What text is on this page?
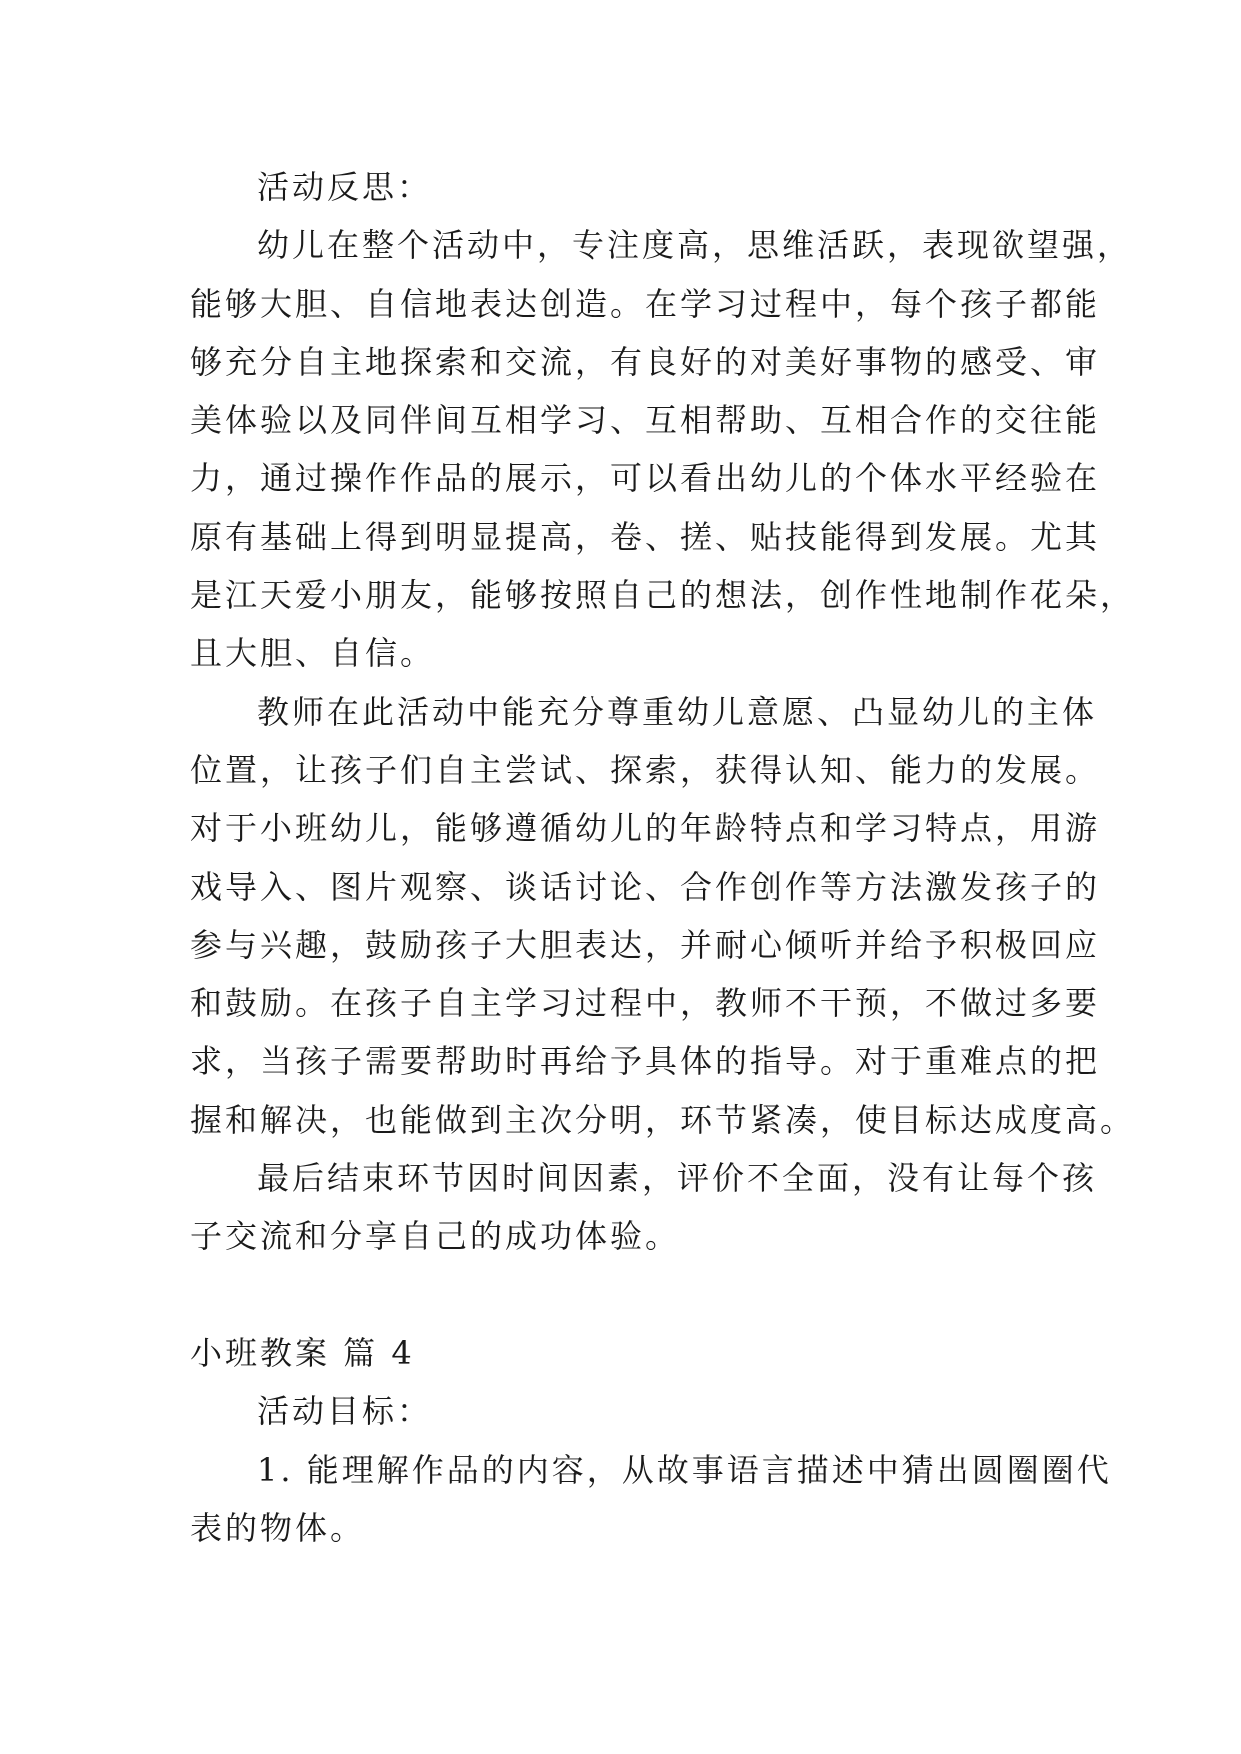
活动反思：
幼儿在整个活动中，专注度高，思维活跃，表现欲望强，
能够大胆、自信地表达创造。在学习过程中，每个孩子都能
够充分自主地探索和交流，有良好的对美好事物的感受、审
美体验以及同伴间互相学习、互相帮助、互相合作的交往能
力，通过操作作品的展示，可以看出幼儿的个体水平经验在
原有基础上得到明显提高，卷、搓、贴技能得到发展。尤其
是江天爱小朋友，能够按照自己的想法，创作性地制作花朵，
且大胆、自信。
教师在此活动中能充分尊重幼儿意愿、凸显幼儿的主体
位置，让孩子们自主尝试、探索，获得认知、能力的发展。
对于小班幼儿，能够遵循幼儿的年龄特点和学习特点，用游
戏导入、图片观察、谈话讨论、合作创作等方法激发孩子的
参与兴趣，鼓励孩子大胆表达，并耐心倾听并给予积极回应
和鼓励。在孩子自主学习过程中，教师不干预，不做过多要
求，当孩子需要帮助时再给予具体的指导。对于重难点的把
握和解决，也能做到主次分明，环节紧凑，使目标达成度高。
最后结束环节因时间因素，评价不全面，没有让每个孩
子交流和分享自己的成功体验。
小班教案 篇 4
活动目标：
1. 能理解作品的内容，从故事语言描述中猜出圆圈圈代
表的物体。
